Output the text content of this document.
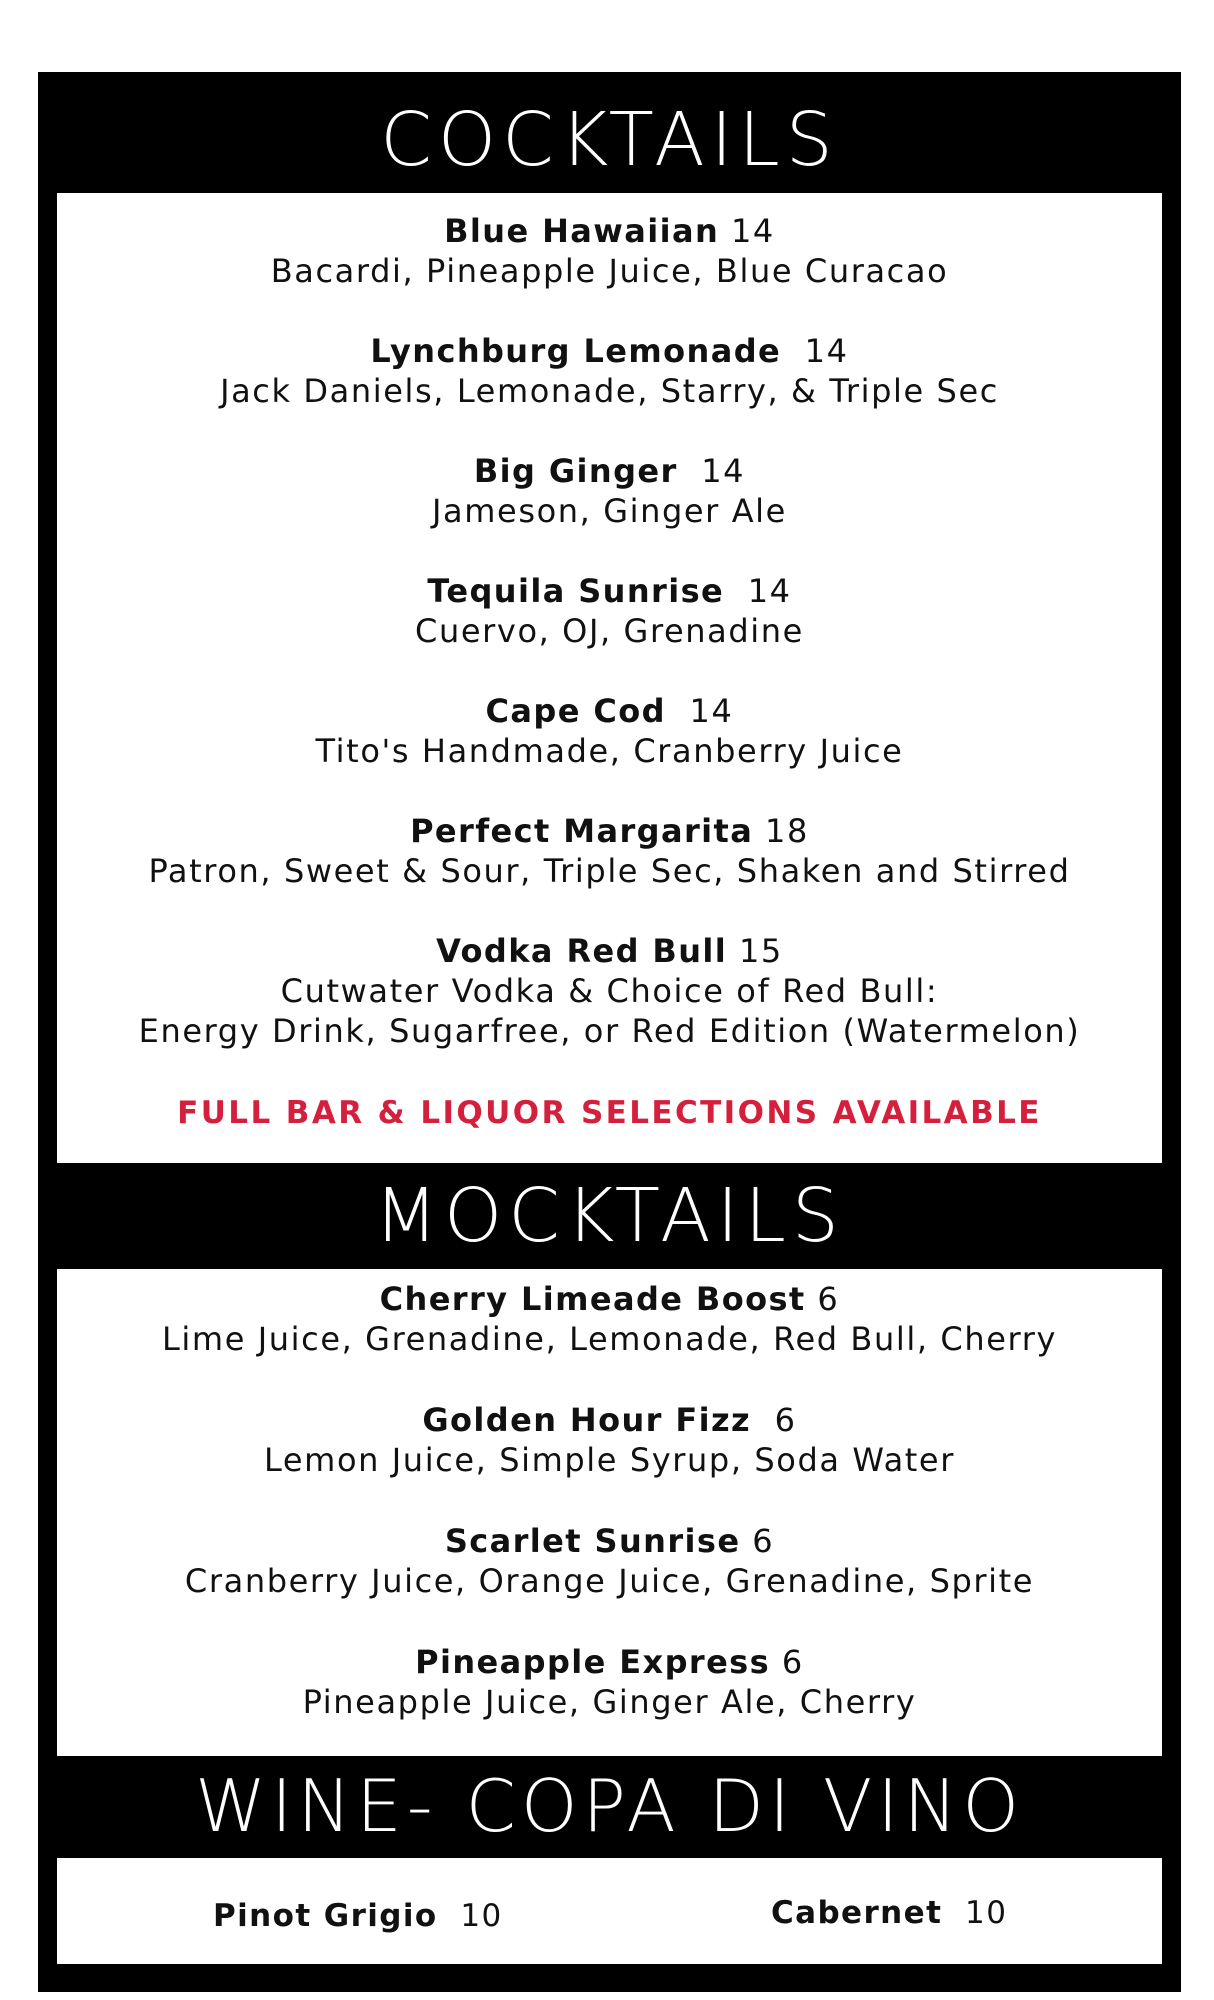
COCKTAILS
Blue Hawaiian 14
Bacardi, Pineapple Juice, Blue Curacao
Lynchburg Lemonade 14
Jack Daniels, Lemonade, Starry, & Triple Sec
Big Ginger 14
Jameson, Ginger Ale
Tequila Sunrise 14
Cuervo, OJ, Grenadine
Cape Cod 14
Tito's Handmade, Cranberry Juice
Perfect Margarita 18
Patron, Sweet & Sour, Triple Sec, Shaken and Stirred
Vodka Red Bull 15
Cutwater Vodka & Choice of Red Bull:
Energy Drink, Sugarfree, or Red Edition (Watermelon)
FULL BAR & LIQUOR SELECTIONS AVAILABLE
MOCKTAILS
Cherry Limeade Boost 6
Lime Juice, Grenadine, Lemonade, Red Bull, Cherry
Golden Hour Fizz 6
Lemon Juice, Simple Syrup, Soda Water
Scarlet Sunrise 6
Cranberry Juice, Orange Juice, Grenadine, Sprite
Pineapple Express 6
Pineapple Juice, Ginger Ale, Cherry
WINE- COPA DI VINO
Pinot Grigio 10	Cabernet 10
